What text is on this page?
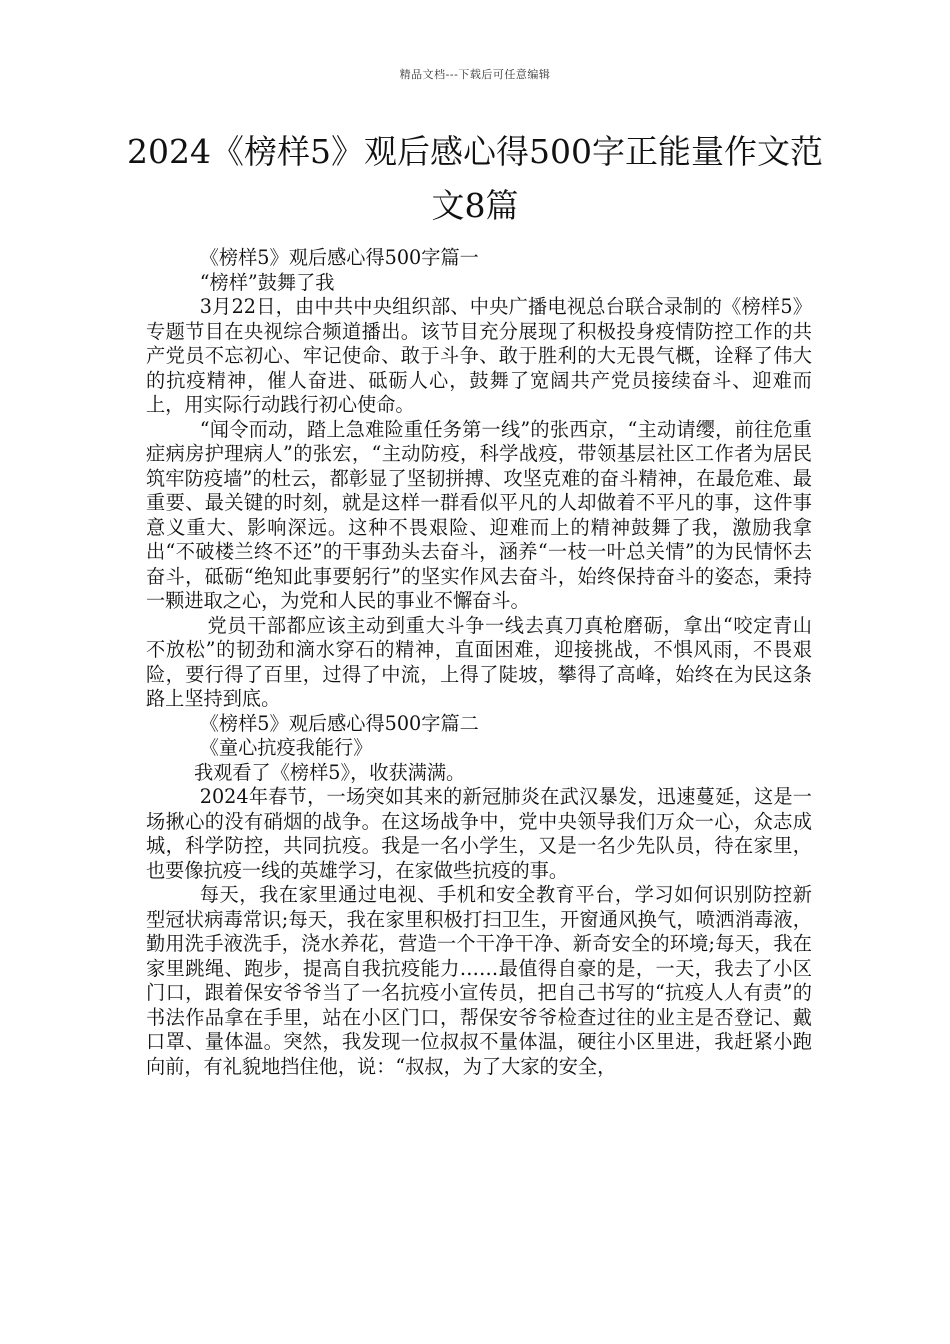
精品文档---下载后可任意编辑
2024《榜样5》观后感心得500字正能量作文范文8篇

《榜样5》观后感心得500字篇一

“榜样”鼓舞了我

3月22日，由中共中央组织部、中央广播电视总台联合录制的《榜样5》专题节目在央视综合频道播出。该节目充分展现了积极投身疫情防控工作的共产党员不忘初心、牢记使命、敢于斗争、敢于胜利的大无畏气概，诠释了伟大的抗疫精神，催人奋进、砥砺人心，鼓舞了宽阔共产党员接续奋斗、迎难而上，用实际行动践行初心使命。

“闻令而动，踏上急难险重任务第一线”的张西京，“主动请缨，前往危重症病房护理病人”的张宏，“主动防疫，科学战疫，带领基层社区工作者为居民筑牢防疫墙”的杜云，都彰显了坚韧拼搏、攻坚克难的奋斗精神，在最危难、最重要、最关键的时刻，就是这样一群看似平凡的人却做着不平凡的事，这件事意义重大、影响深远。这种不畏艰险、迎难而上的精神鼓舞了我，激励我拿出“不破楼兰终不还”的干事劲头去奋斗，涵养“一枝一叶总关情”的为民情怀去奋斗，砥砺“绝知此事要躬行”的坚实作风去奋斗，始终保持奋斗的姿态，秉持一颗进取之心，为党和人民的事业不懈奋斗。

党员干部都应该主动到重大斗争一线去真刀真枪磨砺，拿出“咬定青山不放松”的韧劲和滴水穿石的精神，直面困难，迎接挑战，不惧风雨，不畏艰险，要行得了百里，过得了中流，上得了陡坡，攀得了高峰，始终在为民这条路上坚持到底。

《榜样5》观后感心得500字篇二

《童心抗疫我能行》

我观看了《榜样5》，收获满满。

2024年春节，一场突如其来的新冠肺炎在武汉暴发，迅速蔓延，这是一场揪心的没有硝烟的战争。在这场战争中，党中央领导我们万众一心，众志成城，科学防控，共同抗疫。我是一名小学生，又是一名少先队员，待在家里，也要像抗疫一线的英雄学习，在家做些抗疫的事。

每天，我在家里通过电视、手机和安全教育平台，学习如何识别防控新型冠状病毒常识;每天，我在家里积极打扫卫生，开窗通风换气，喷洒消毒液，勤用洗手液洗手，浇水养花，营造一个干净干净、新奇安全的环境;每天，我在家里跳绳、跑步，提高自我抗疫能力……最值得自豪的是，一天，我去了小区门口，跟着保安爷爷当了一名抗疫小宣传员，把自己书写的“抗疫人人有责”的书法作品拿在手里，站在小区门口，帮保安爷爷检查过往的业主是否登记、戴口罩、量体温。突然，我发现一位叔叔不量体温，硬往小区里进，我赶紧小跑向前，有礼貌地挡住他，说：“叔叔，为了大家的安全，
